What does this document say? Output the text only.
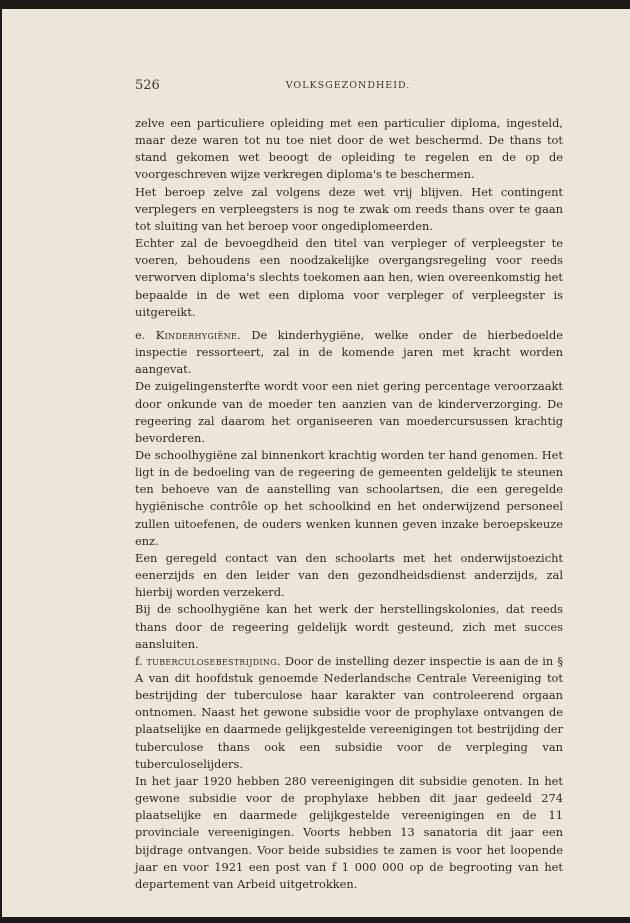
526	VOLKSGEZONDHEID.

zelve een particuliere opleiding met een particulier diploma, ingesteld, maar deze waren tot nu toe niet door de wet beschermd. De thans tot stand gekomen wet beoogt de opleiding te regelen en de op de voorgeschreven wijze verkregen diploma's te beschermen.

Het beroep zelve zal volgens deze wet vrij blijven. Het contingent verplegers en verpleegsters is nog te zwak om reeds thans over te gaan tot sluiting van het beroep voor ongediplomeerden.

Echter zal de bevoegdheid den titel van verpleger of verpleegster te voeren, behoudens een noodzakelijke overgangsregeling voor reeds verworven diploma's slechts toekomen aan hen, wien overeenkomstig het bepaalde in de wet een diploma voor verpleger of verpleegster is uitgereikt.

e. Kinderhygiëne. De kinderhygiëne, welke onder de hierbedoelde inspectie ressorteert, zal in de komende jaren met kracht worden aangevat.

De zuigelingensterfte wordt voor een niet gering percentage veroorzaakt door onkunde van de moeder ten aanzien van de kinderverzorging. De regeering zal daarom het organiseeren van moedercursussen krachtig bevorderen.

De schoolhygiëne zal binnenkort krachtig worden ter hand genomen. Het ligt in de bedoeling van de regeering de gemeenten geldelijk te steunen ten behoeve van de aanstelling van schoolartsen, die een geregelde hygiënische contrôle op het schoolkind en het onderwijzend personeel zullen uitoefenen, de ouders wenken kunnen geven inzake beroepskeuze enz.

Een geregeld contact van den schoolarts met het onderwijstoezicht eenerzijds en den leider van den gezondheidsdienst anderzijds, zal hierbij worden verzekerd.

Bij de schoolhygiëne kan het werk der herstellingskolonies, dat reeds thans door de regeering geldelijk wordt gesteund, zich met succes aansluiten.

f. tuberculosebestrijding. Door de instelling dezer inspectie is aan de in § A van dit hoofdstuk genoemde Nederlandsche Centrale Vereeniging tot bestrijding der tuberculose haar karakter van controleerend orgaan ontnomen. Naast het gewone subsidie voor de prophylaxe ontvangen de plaatselijke en daarmede gelijkgestelde vereenigingen tot bestrijding der tuberculose thans ook een subsidie voor de verpleging van tuberculoselijders.

In het jaar 1920 hebben 280 vereenigingen dit subsidie genoten. In het gewone subsidie voor de prophylaxe hebben dit jaar gedeeld 274 plaatselijke en daarmede gelijkgestelde vereenigingen en de 11 provinciale vereenigingen. Voorts hebben 13 sanatoria dit jaar een bijdrage ontvangen. Voor beide subsidies te zamen is voor het loopende jaar en voor 1921 een post van f 1 000 000 op de begrooting van het departement van Arbeid uitgetrokken.
